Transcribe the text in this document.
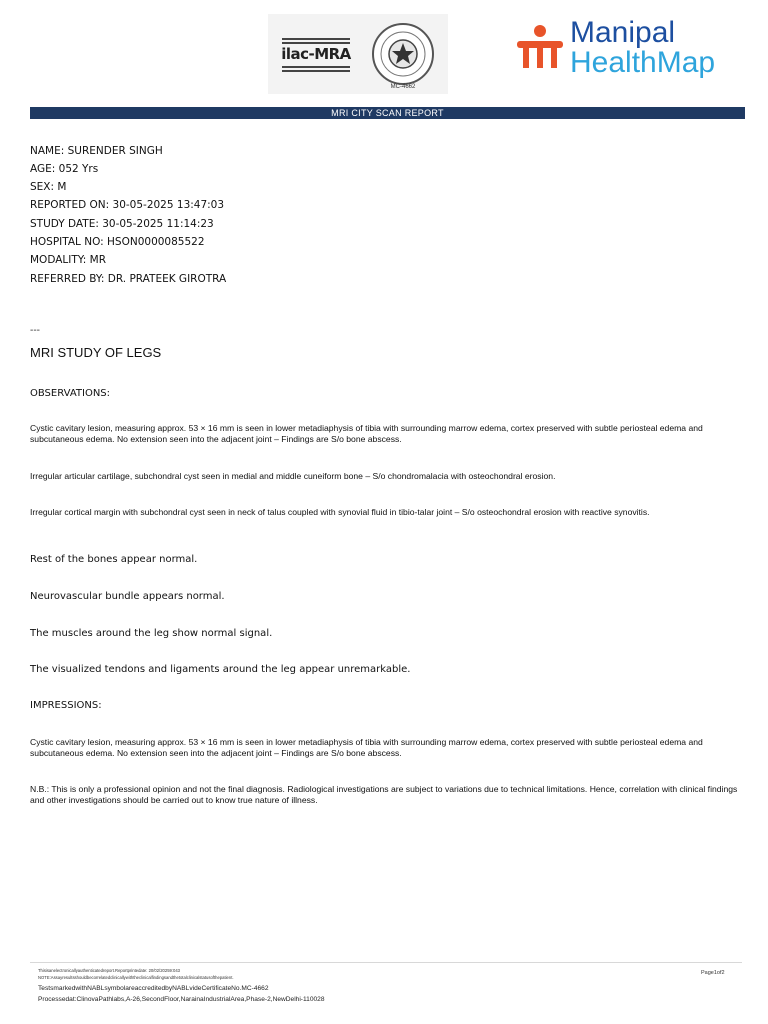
ilac-MRA
MC-4662
Manipal
HealthMap
MRI CITY SCAN REPORT
NAME: SURENDER SINGH
AGE: 052 Yrs
SEX: M
REPORTED ON: 30-05-2025 13:47:03
STUDY DATE: 30-05-2025 11:14:23
HOSPITAL NO: HSON0000085522
MODALITY: MR
REFERRED BY: DR. PRATEEK GIROTRA
---
MRI STUDY OF LEGS
OBSERVATIONS:
Cystic cavitary lesion, measuring approx. 53 × 16 mm is seen in lower metadiaphysis of tibia with surrounding marrow edema, cortex preserved with subtle periosteal edema and subcutaneous edema. No extension seen into the adjacent joint – Findings are S/o bone abscess.
Irregular articular cartilage, subchondral cyst seen in medial and middle cuneiform bone – S/o chondromalacia with osteochondral erosion.
Irregular cortical margin with subchondral cyst seen in neck of talus coupled with synovial fluid in tibio-talar joint – S/o osteochondral erosion with reactive synovitis.
Rest of the bones appear normal.
Neurovascular bundle appears normal.
The muscles around the leg show normal signal.
The visualized tendons and ligaments around the leg appear unremarkable.
IMPRESSIONS:
Cystic cavitary lesion, measuring approx. 53 × 16 mm is seen in lower metadiaphysis of tibia with surrounding marrow edema, cortex preserved with subtle periosteal edema and subcutaneous edema. No extension seen into the adjacent joint – Findings are S/o bone abscess.
N.B.: This is only a professional opinion and not the final diagnosis. Radiological investigations are subject to variations due to technical limitations. Hence, correlation with clinical findings and other investigations should be carried out to know true nature of illness.
Thisisanelectronicallyauthenticatedreport.Reportprintedate: 20/02/20259:043
NOTE:Assayresultsshouldbecorrelatedclinicallywiththeclinicalfindingsandthetotalclinicalstatusofthepatient.
TestsmarkedwithNABLsymbolareaccreditedbyNABLvideCertificateNo.MC-4662
Processedat:ClinovaPathlabs,A-26,SecondFloor,NarainaIndustrialArea,Phase-2,NewDelhi-110028
Page1of2
